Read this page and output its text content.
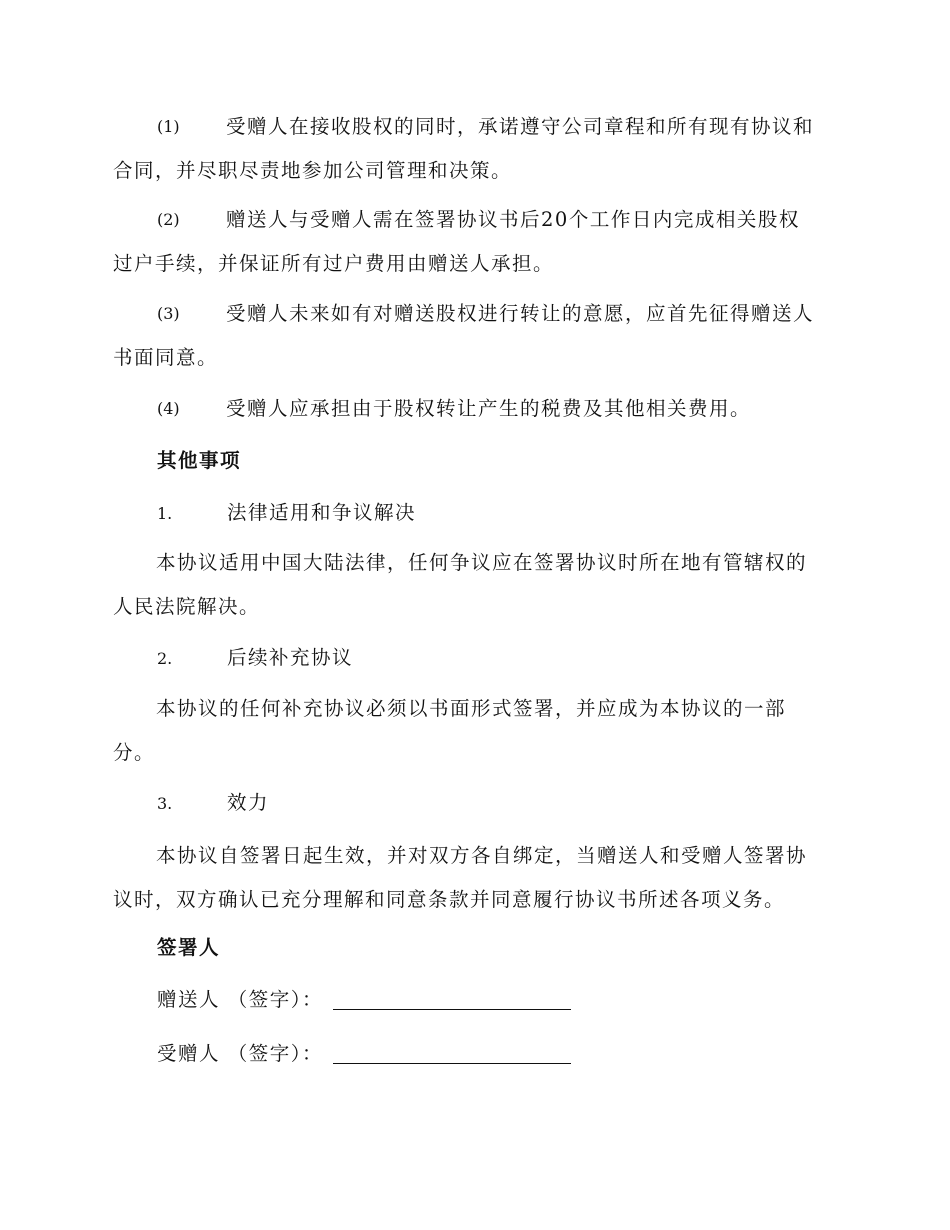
(1)	受赠人在接收股权的同时，承诺遵守公司章程和所有现有协议和
合同，并尽职尽责地参加公司管理和决策。
(2)	赠送人与受赠人需在签署协议书后20个工作日内完成相关股权
过户手续，并保证所有过户费用由赠送人承担。
(3)	受赠人未来如有对赠送股权进行转让的意愿，应首先征得赠送人
书面同意。
(4)	受赠人应承担由于股权转让产生的税费及其他相关费用。
其他事项
1.	法律适用和争议解决
本协议适用中国大陆法律，任何争议应在签署协议时所在地有管辖权的
人民法院解决。
2.	后续补充协议
本协议的任何补充协议必须以书面形式签署，并应成为本协议的一部
分。
3.	效力
本协议自签署日起生效，并对双方各自绑定，当赠送人和受赠人签署协
议时，双方确认已充分理解和同意条款并同意履行协议书所述各项义务。
签署人
赠送人 （签字）：
受赠人 （签字）：
